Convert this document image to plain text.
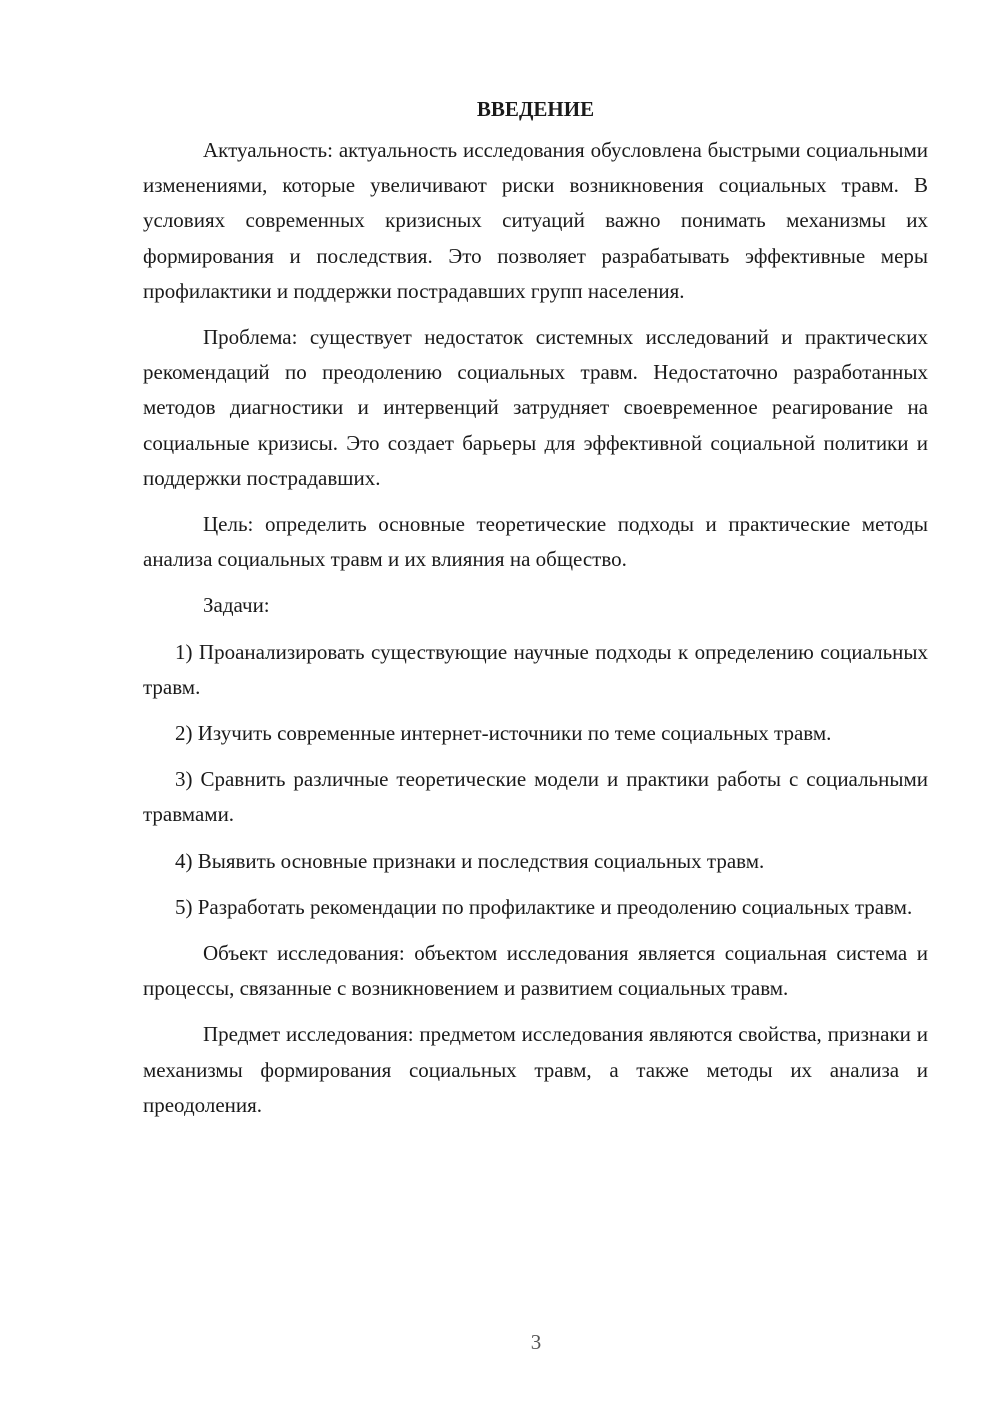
ВВЕДЕНИЕ

Актуальность: актуальность исследования обусловлена быстрыми социальными изменениями, которые увеличивают риски возникновения социальных травм. В условиях современных кризисных ситуаций важно понимать механизмы их формирования и последствия. Это позволяет разрабатывать эффективные меры профилактики и поддержки пострадавших групп населения.

Проблема: существует недостаток системных исследований и практических рекомендаций по преодолению социальных травм. Недостаточно разработанных методов диагностики и интервенций затрудняет своевременное реагирование на социальные кризисы. Это создает барьеры для эффективной социальной политики и поддержки пострадавших.

Цель: определить основные теоретические подходы и практические методы анализа социальных травм и их влияния на общество.

Задачи:

1) Проанализировать существующие научные подходы к определению социальных травм.

2) Изучить современные интернет-источники по теме социальных травм.

3) Сравнить различные теоретические модели и практики работы с социальными травмами.

4) Выявить основные признаки и последствия социальных травм.

5) Разработать рекомендации по профилактике и преодолению социальных травм.

Объект исследования: объектом исследования является социальная система и процессы, связанные с возникновением и развитием социальных травм.

Предмет исследования: предметом исследования являются свойства, признаки и механизмы формирования социальных травм, а также методы их анализа и преодоления.

3
